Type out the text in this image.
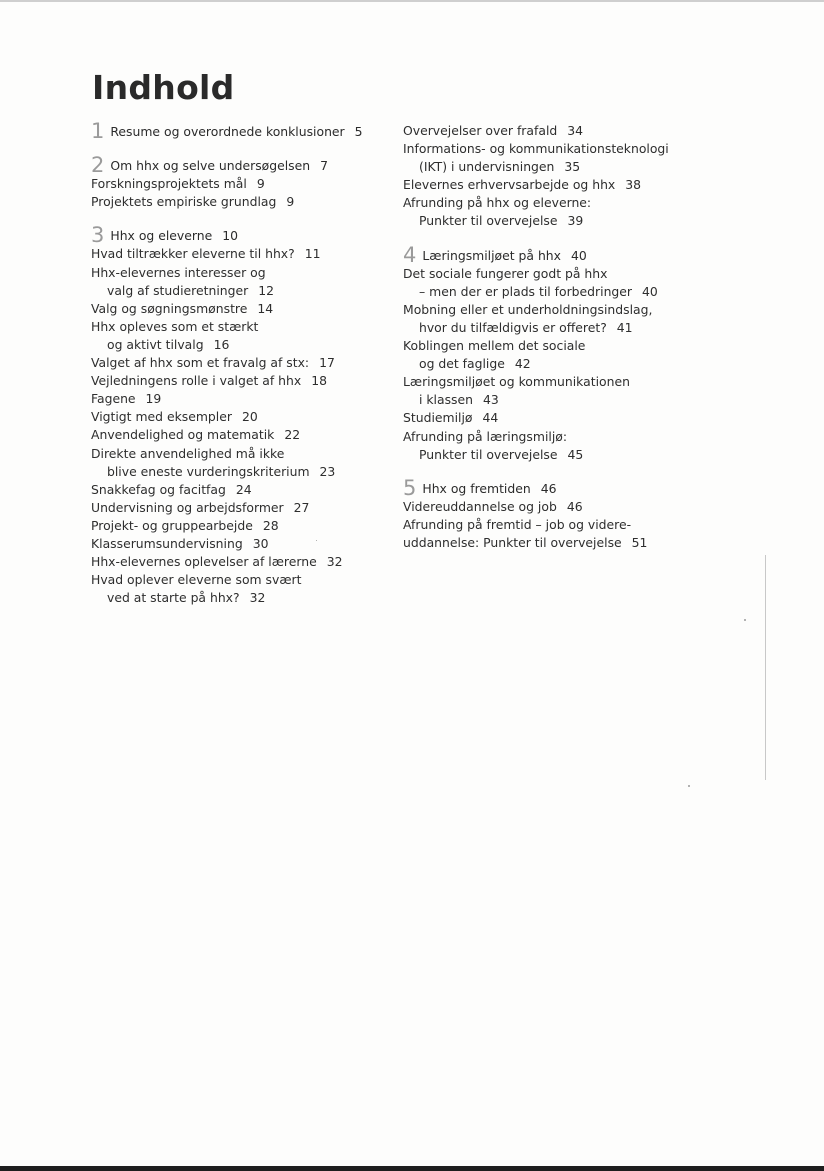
Indhold
1 Resume og overordnede konklusioner 5
2 Om hhx og selve undersøgelsen 7
Forskningsprojektets mål 9
Projektets empiriske grundlag 9
3 Hhx og eleverne 10
Hvad tiltrækker eleverne til hhx? 11
Hhx-elevernes interesser og
valg af studieretninger 12
Valg og søgningsmønstre 14
Hhx opleves som et stærkt
og aktivt tilvalg 16
Valget af hhx som et fravalg af stx: 17
Vejledningens rolle i valget af hhx 18
Fagene 19
Vigtigt med eksempler 20
Anvendelighed og matematik 22
Direkte anvendelighed må ikke
blive eneste vurderingskriterium 23
Snakkefag og facitfag 24
Undervisning og arbejdsformer 27
Projekt- og gruppearbejde 28
Klasserumsundervisning 30
Hhx-elevernes oplevelser af lærerne 32
Hvad oplever eleverne som svært
ved at starte på hhx? 32
Overvejelser over frafald 34
Informations- og kommunikationsteknologi
(IKT) i undervisningen 35
Elevernes erhvervsarbejde og hhx 38
Afrunding på hhx og eleverne:
Punkter til overvejelse 39
4 Læringsmiljøet på hhx 40
Det sociale fungerer godt på hhx
– men der er plads til forbedringer 40
Mobning eller et underholdningsindslag,
hvor du tilfældigvis er offeret? 41
Koblingen mellem det sociale
og det faglige 42
Læringsmiljøet og kommunikationen
i klassen 43
Studiemiljø 44
Afrunding på læringsmiljø:
Punkter til overvejelse 45
5 Hhx og fremtiden 46
Videreuddannelse og job 46
Afrunding på fremtid – job og videre-
uddannelse: Punkter til overvejelse 51
